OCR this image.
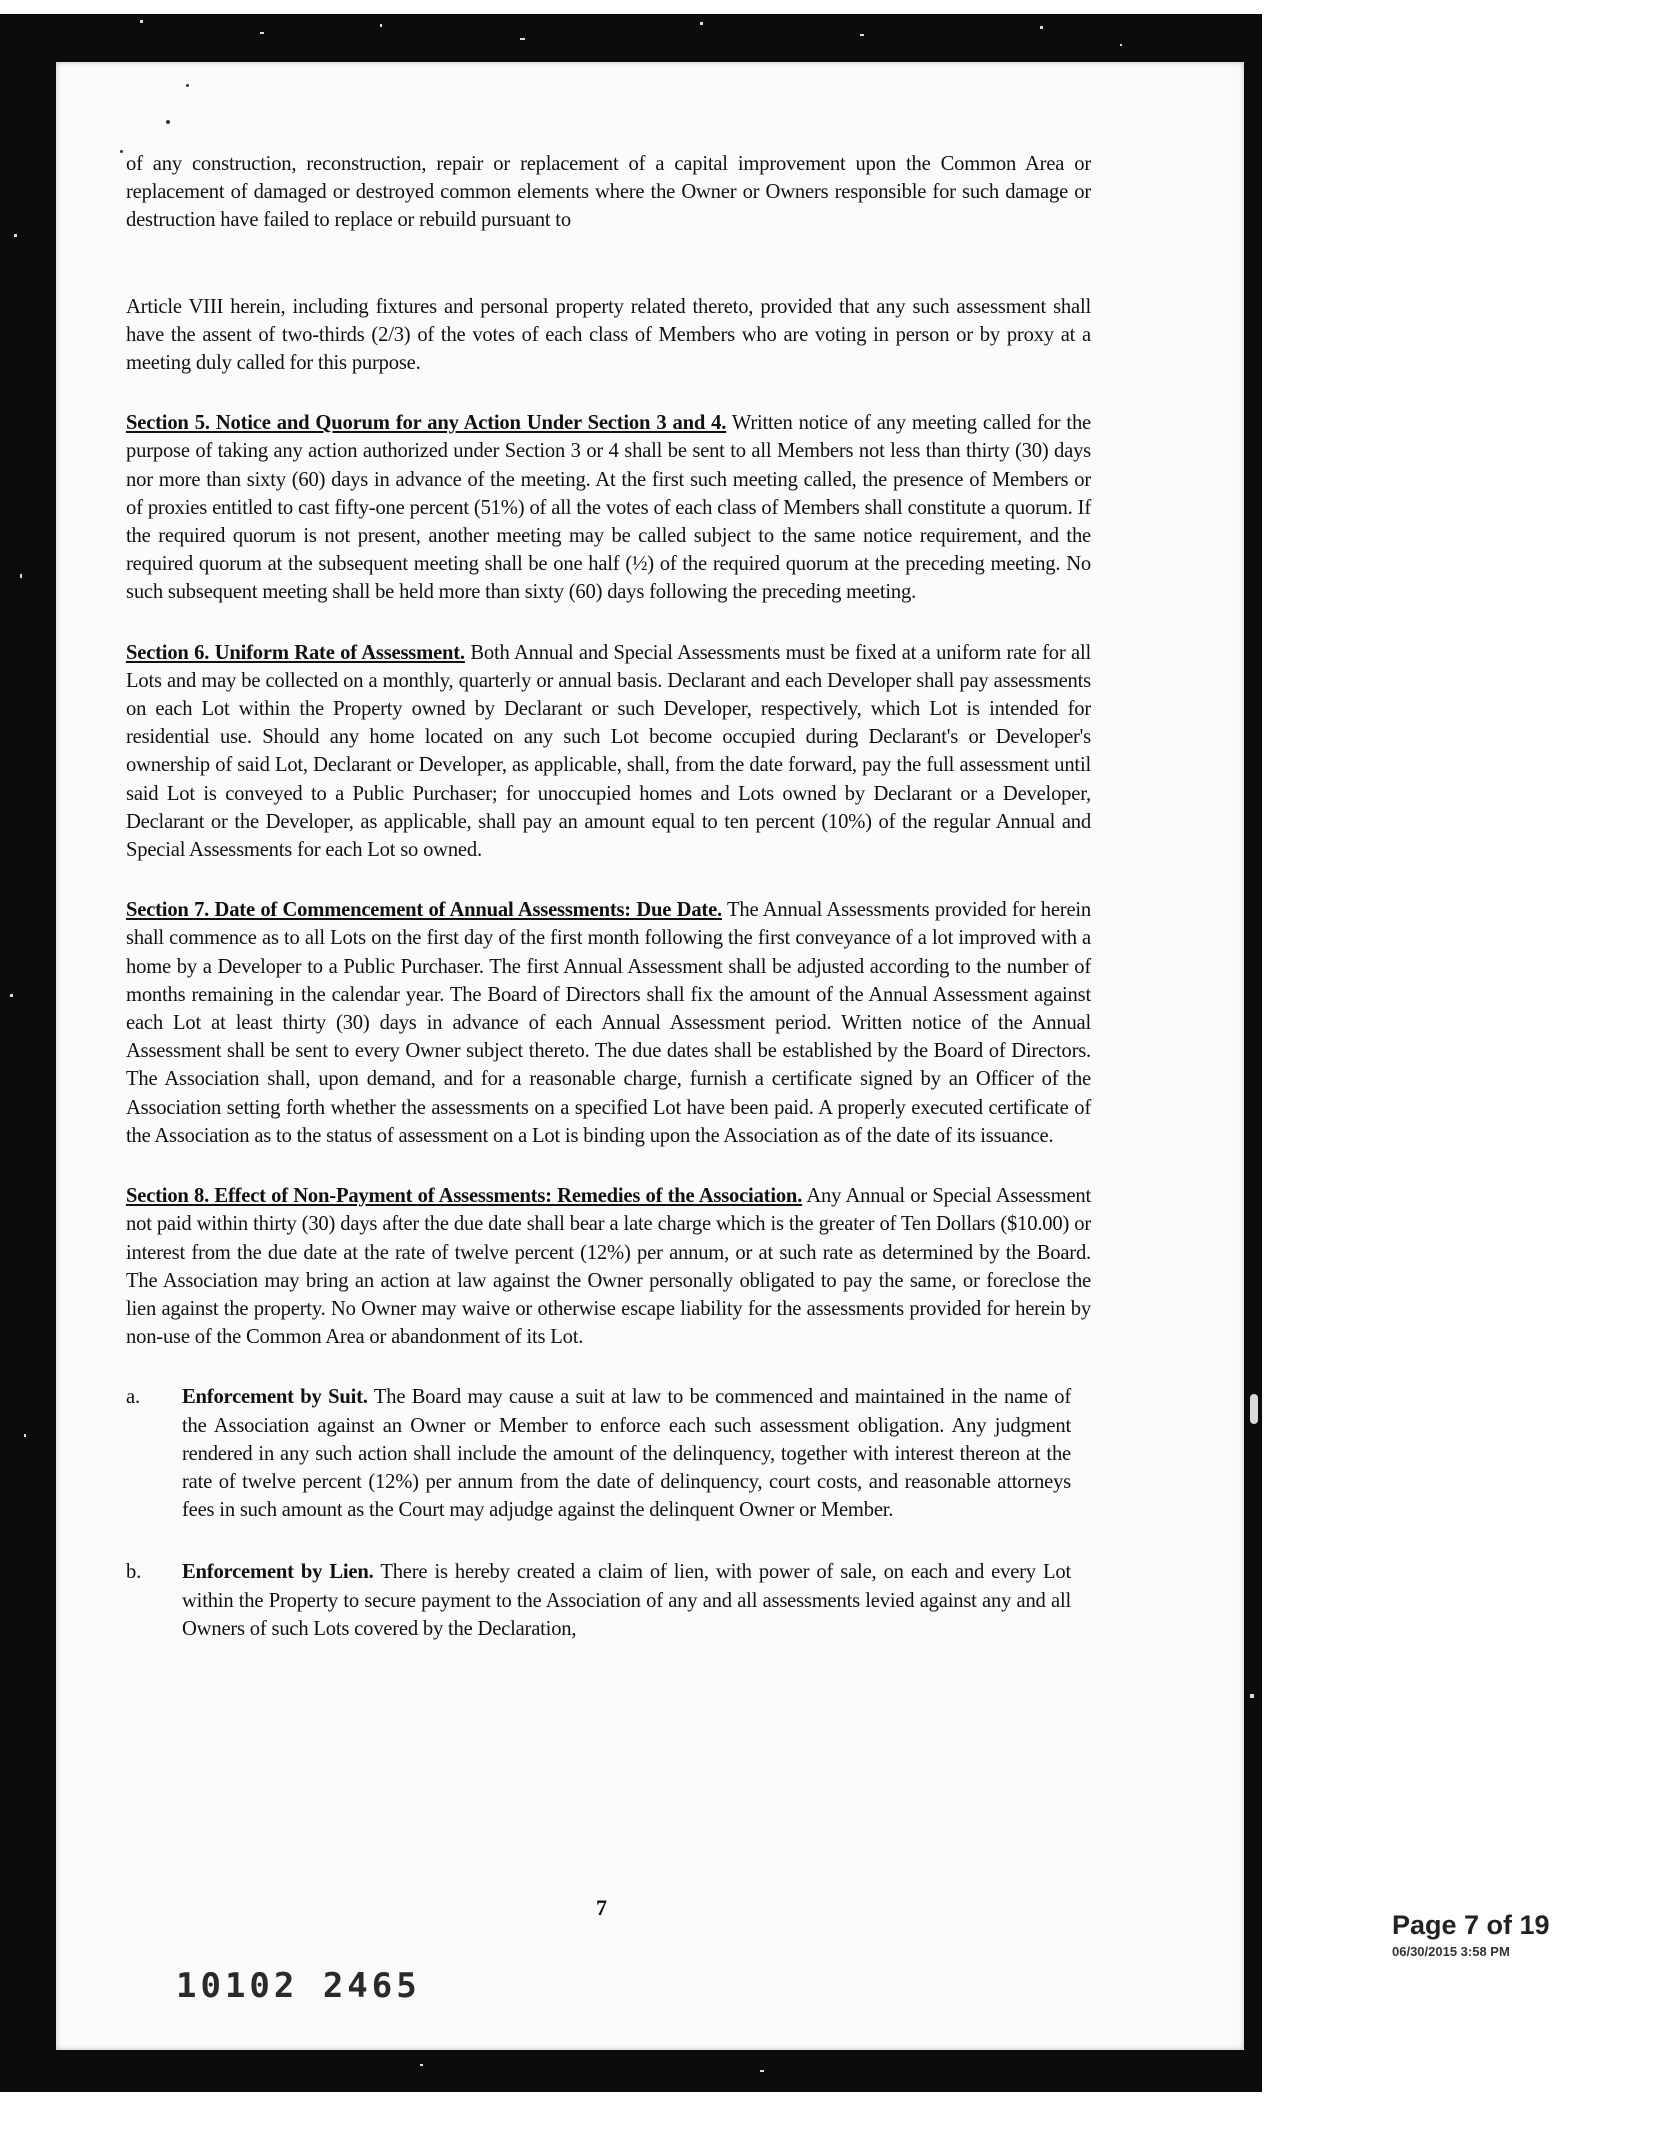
of any construction, reconstruction, repair or replacement of a capital improvement upon the Common Area or replacement of damaged or destroyed common elements where the Owner or Owners responsible for such damage or destruction have failed to replace or rebuild pursuant to

Article VIII herein, including fixtures and personal property related thereto, provided that any such assessment shall have the assent of two-thirds (2/3) of the votes of each class of Members who are voting in person or by proxy at a meeting duly called for this purpose.

Section 5. Notice and Quorum for any Action Under Section 3 and 4. Written notice of any meeting called for the purpose of taking any action authorized under Section 3 or 4 shall be sent to all Members not less than thirty (30) days nor more than sixty (60) days in advance of the meeting. At the first such meeting called, the presence of Members or of proxies entitled to cast fifty-one percent (51%) of all the votes of each class of Members shall constitute a quorum. If the required quorum is not present, another meeting may be called subject to the same notice requirement, and the required quorum at the subsequent meeting shall be one half (½) of the required quorum at the preceding meeting. No such subsequent meeting shall be held more than sixty (60) days following the preceding meeting.

Section 6. Uniform Rate of Assessment. Both Annual and Special Assessments must be fixed at a uniform rate for all Lots and may be collected on a monthly, quarterly or annual basis. Declarant and each Developer shall pay assessments on each Lot within the Property owned by Declarant or such Developer, respectively, which Lot is intended for residential use. Should any home located on any such Lot become occupied during Declarant's or Developer's ownership of said Lot, Declarant or Developer, as applicable, shall, from the date forward, pay the full assessment until said Lot is conveyed to a Public Purchaser; for unoccupied homes and Lots owned by Declarant or a Developer, Declarant or the Developer, as applicable, shall pay an amount equal to ten percent (10%) of the regular Annual and Special Assessments for each Lot so owned.

Section 7. Date of Commencement of Annual Assessments: Due Date. The Annual Assessments provided for herein shall commence as to all Lots on the first day of the first month following the first conveyance of a lot improved with a home by a Developer to a Public Purchaser. The first Annual Assessment shall be adjusted according to the number of months remaining in the calendar year. The Board of Directors shall fix the amount of the Annual Assessment against each Lot at least thirty (30) days in advance of each Annual Assessment period. Written notice of the Annual Assessment shall be sent to every Owner subject thereto. The due dates shall be established by the Board of Directors. The Association shall, upon demand, and for a reasonable charge, furnish a certificate signed by an Officer of the Association setting forth whether the assessments on a specified Lot have been paid. A properly executed certificate of the Association as to the status of assessment on a Lot is binding upon the Association as of the date of its issuance.

Section 8. Effect of Non-Payment of Assessments: Remedies of the Association. Any Annual or Special Assessment not paid within thirty (30) days after the due date shall bear a late charge which is the greater of Ten Dollars ($10.00) or interest from the due date at the rate of twelve percent (12%) per annum, or at such rate as determined by the Board. The Association may bring an action at law against the Owner personally obligated to pay the same, or foreclose the lien against the property. No Owner may waive or otherwise escape liability for the assessments provided for herein by non-use of the Common Area or abandonment of its Lot.

a.	Enforcement by Suit. The Board may cause a suit at law to be commenced and maintained in the name of the Association against an Owner or Member to enforce each such assessment obligation. Any judgment rendered in any such action shall include the amount of the delinquency, together with interest thereon at the rate of twelve percent (12%) per annum from the date of delinquency, court costs, and reasonable attorneys fees in such amount as the Court may adjudge against the delinquent Owner or Member.
b.	Enforcement by Lien. There is hereby created a claim of lien, with power of sale, on each and every Lot within the Property to secure payment to the Association of any and all assessments levied against any and all Owners of such Lots covered by the Declaration,
7
10102 2465
Page 7 of 19
06/30/2015 3:58 PM
